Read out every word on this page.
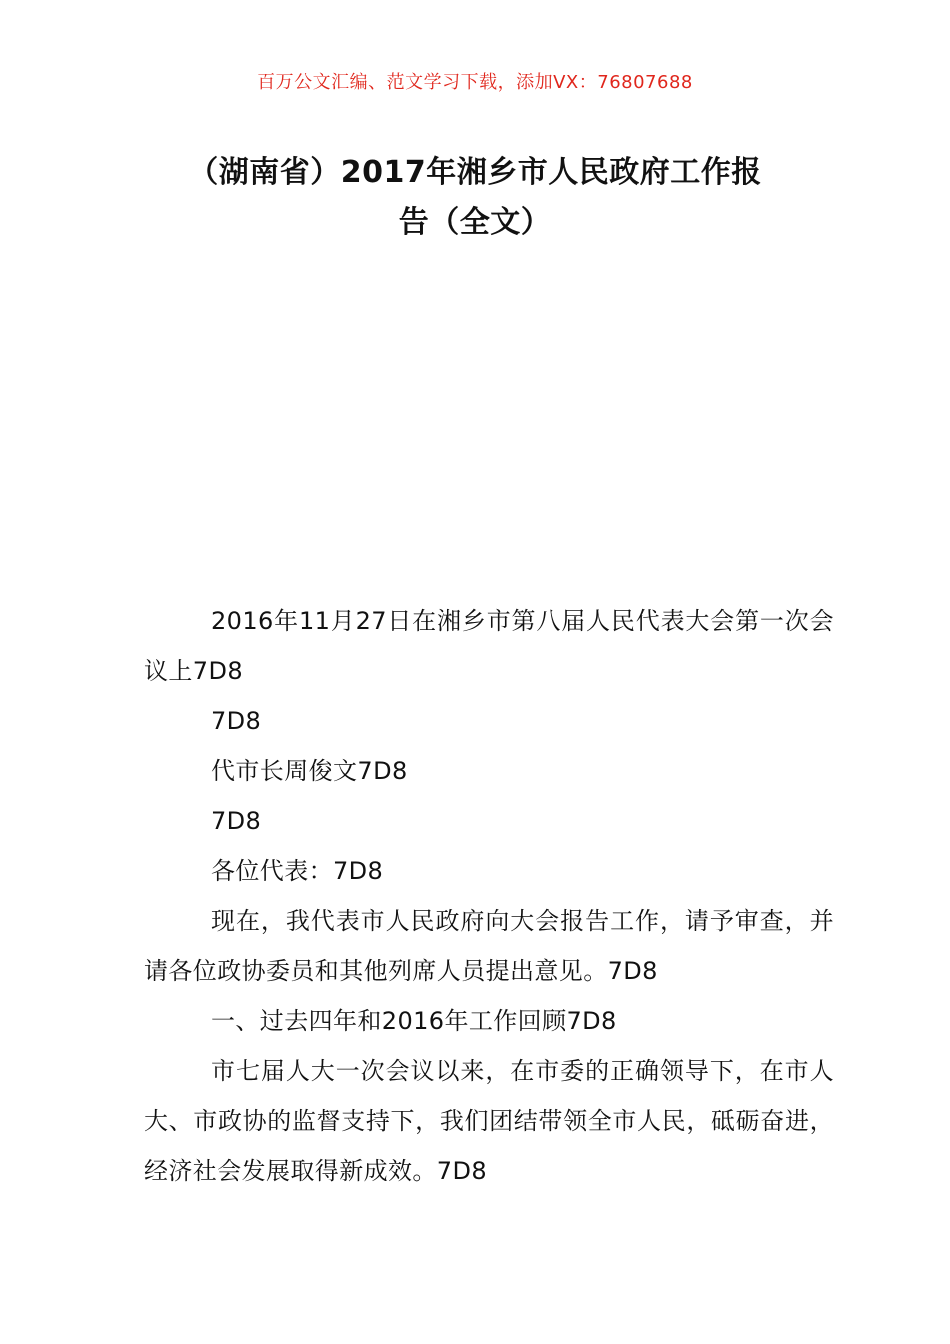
百万公文汇编、范文学习下载，添加VX：76807688
（湖南省）2017年湘乡市人民政府工作报
告（全文）

2016年11月27日在湘乡市第八届人民代表大会第一次会议上7D8

7D8

代市长周俊文7D8

7D8

各位代表：7D8

现在，我代表市人民政府向大会报告工作，请予审查，并请各位政协委员和其他列席人员提出意见。7D8

一、过去四年和2016年工作回顾7D8

市七届人大一次会议以来，在市委的正确领导下，在市人大、市政协的监督支持下，我们团结带领全市人民，砥砺奋进，经济社会发展取得新成效。7D8
